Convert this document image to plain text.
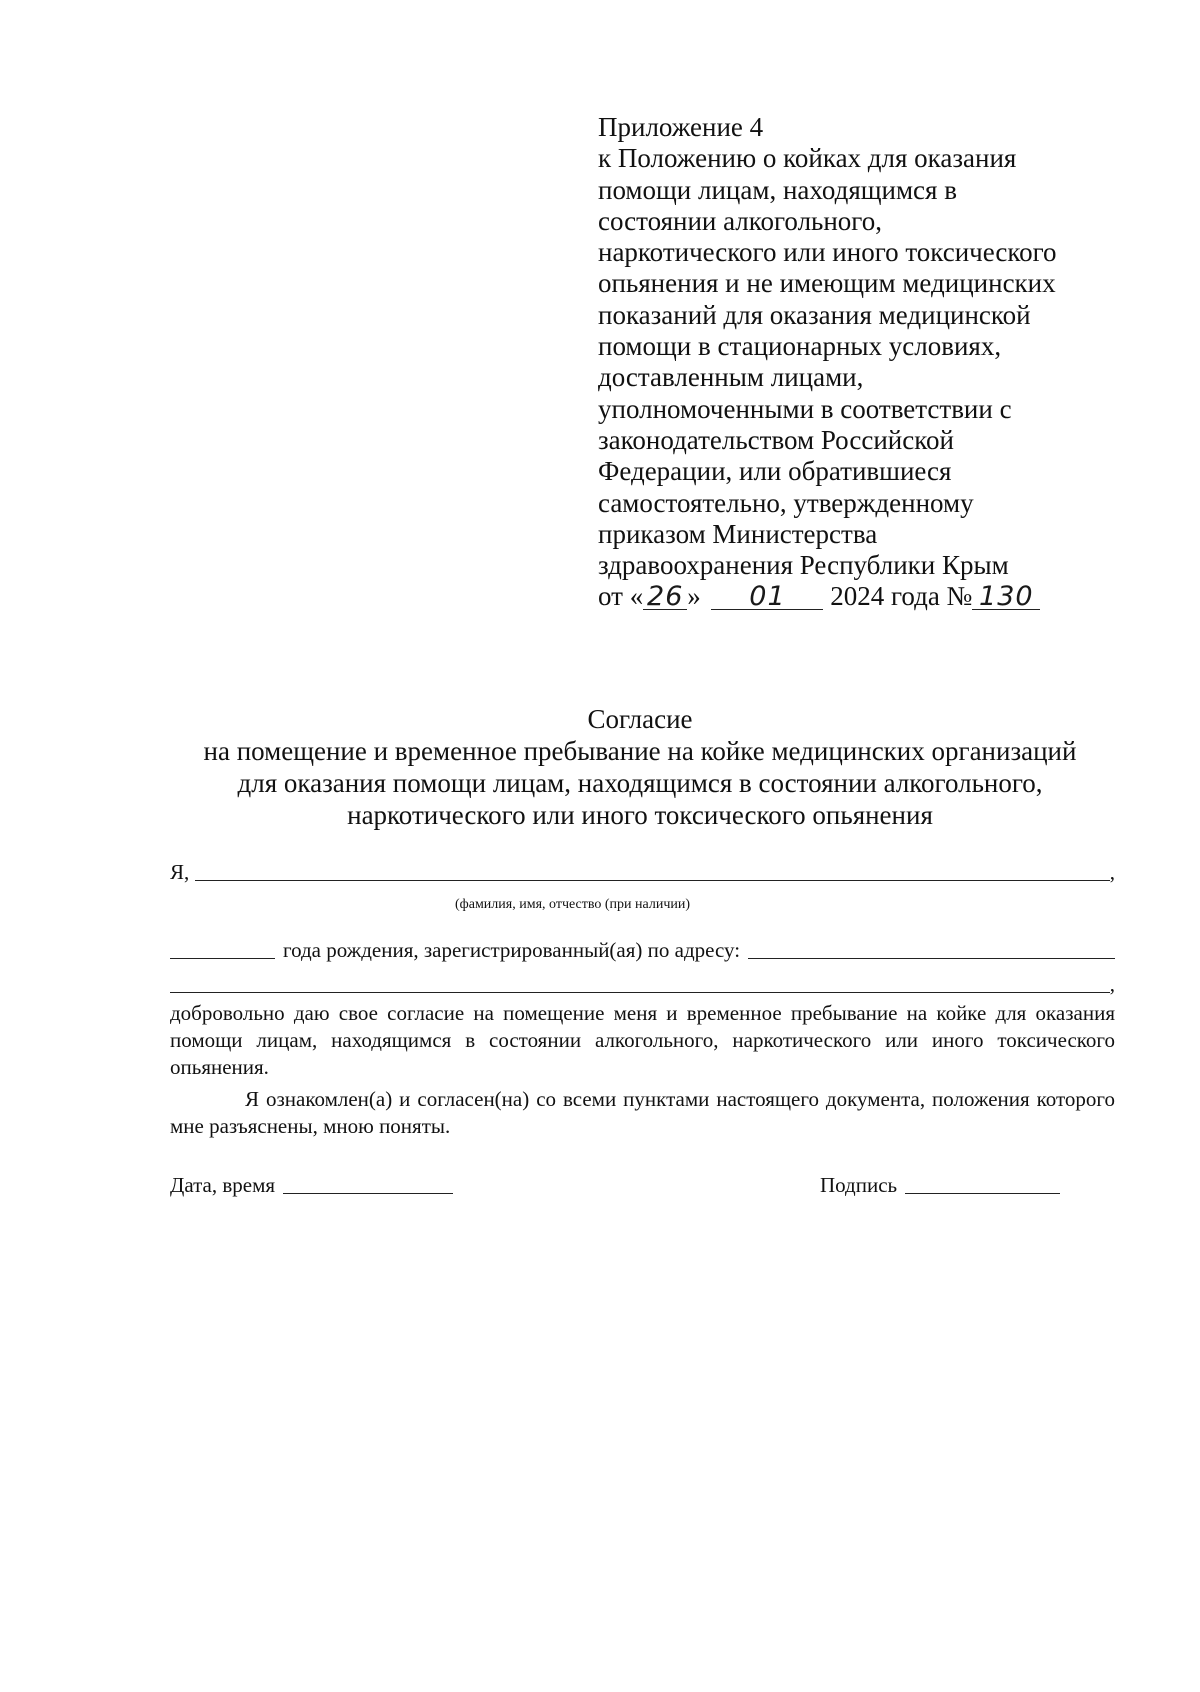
Приложение 4
к Положению о койках для оказания
помощи лицам, находящимся в
состоянии алкогольного,
наркотического или иного токсического
опьянения и не имеющим медицинских
показаний для оказания медицинской
помощи в стационарных условиях,
доставленным лицами,
уполномоченными в соответствии с
законодательством Российской
Федерации, или обратившиеся
самостоятельно, утвержденному
приказом Министерства
здравоохранения Республики Крым
от « 26 » 01 2024 года № 130
Согласие
на помещение и временное пребывание на койке медицинских организаций
для оказания помощи лицам, находящимся в состоянии алкогольного,
наркотического или иного токсического опьянения
Я,	,
(фамилия, имя, отчество (при наличии)
года рождения, зарегистрированный(ая) по адресу:
,
добровольно даю свое согласие на помещение меня и временное пребывание на койке для оказания помощи лицам, находящимся в состоянии алкогольного, наркотического или иного токсического опьянения.
Я ознакомлен(а) и согласен(на) со всеми пунктами настоящего документа, положения которого мне разъяснены, мною поняты.
Дата, время	Подпись
